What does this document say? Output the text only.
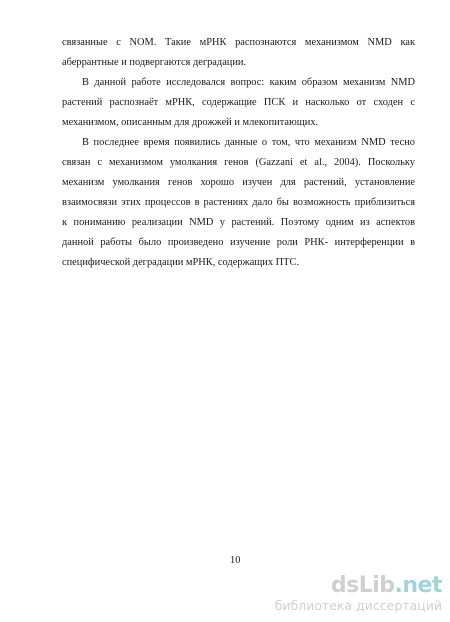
связанные с NOM. Такие мРНК распознаются механизмом NMD как
аберрантные и подвергаются деградации.
В данной работе исследовался вопрос: каким образом механизм NMD
растений распознаёт мРНК, содержащие ПСК и насколько от сходен с
механизмом, описанным для дрожжей и млекопитающих.
В последнее время появились данные о том, что механизм NMD тесно
связан с механизмом умолкания генов (Gazzani et al., 2004). Поскольку
механизм умолкания генов хорошо изучен для растений, установление
взаимосвязи этих процессов в растениях дало бы возможность приблизиться
к пониманию реализации NMD у растений. Поэтому одним из аспектов
данной работы было произведено изучение роли РНК- интерференции в
специфической деградации мРНК, содержащих ПТС.
10
dsLib.net
библиотека диссертаций
